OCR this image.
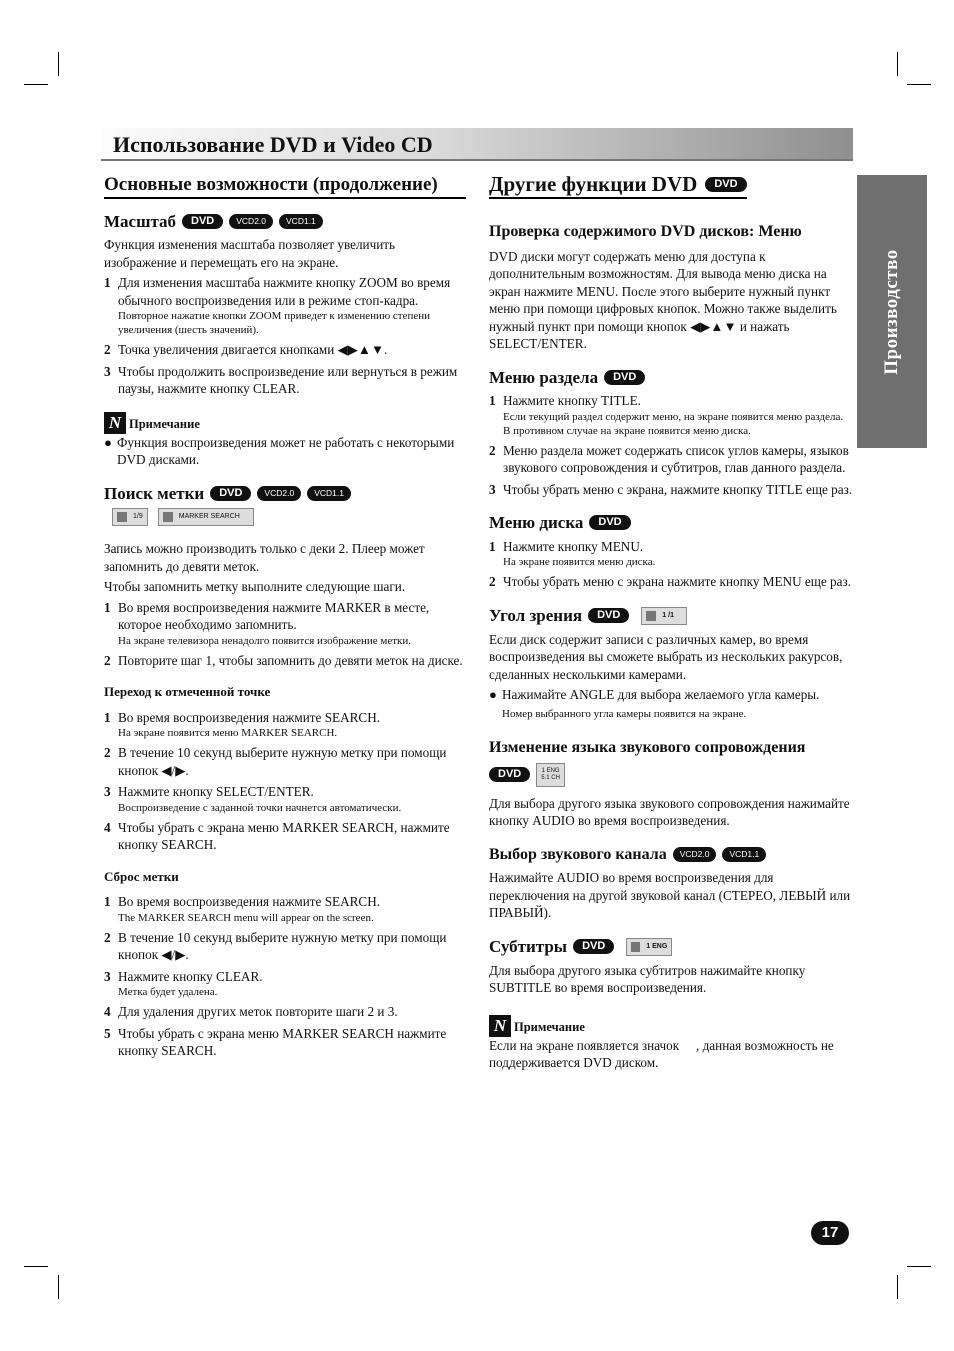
Использование DVD и Video CD
Производство
Основные возможности (продолжение)
Масштаб	DVD	VCD2.0	VCD1.1

Функция изменения масштаба позволяет увеличить изображение и перемещать его на экране.

1 Для изменения масштаба нажмите кнопку ZOOM во время обычного воспроизведения или в режиме стоп-кадра.
Повторное нажатие кнопки ZOOM приведет к изменению степени увеличения (шесть значений).
2 Точка увеличения двигается кнопками ◀▶▲▼.
3 Чтобы продолжить воспроизведение или вернуться в режим паузы, нажмите кнопку CLEAR.
N Примечание
● Функция воспроизведения может не работать с некоторыми DVD дисками.
Поиск метки	DVD	VCD2.0	VCD1.1
1/9	MARKER SEARCH

Запись можно производить только с деки 2. Плеер может запомнить до девяти меток.

Чтобы запомнить метку выполните следующие шаги.

1 Во время воспроизведения нажмите MARKER в месте, которое необходимо запомнить.
На экране телевизора ненадолго появится изображение метки.
2 Повторите шаг 1, чтобы запомнить до девяти меток на диске.
Переход к отмеченной точке
1 Во время воспроизведения нажмите SEARCH.
На экране появится меню MARKER SEARCH.
2 В течение 10 секунд выберите нужную метку при помощи кнопок ◀/▶.
3 Нажмите кнопку SELECT/ENTER.
Воспроизведение с заданной точки начнется автоматически.
4 Чтобы убрать с экрана меню MARKER SEARCH, нажмите кнопку SEARCH.
Сброс метки
1 Во время воспроизведения нажмите SEARCH.
The MARKER SEARCH menu will appear on the screen.
2 В течение 10 секунд выберите нужную метку при помощи кнопок ◀/▶.
3 Нажмите кнопку CLEAR.
Метка будет удалена.
4 Для удаления других меток повторите шаги 2 и 3.
5 Чтобы убрать с экрана меню MARKER SEARCH нажмите кнопку SEARCH.
Другие функции DVD	DVD
Проверка содержимого DVD дисков: Меню

DVD диски могут содержать меню для доступа к дополнительным возможностям. Для вывода меню диска на экран нажмите MENU. После этого выберите нужный пункт меню при помощи цифровых кнопок. Можно также выделить нужный пункт при помощи кнопок ◀▶▲▼ и нажать SELECT/ENTER.

Меню раздела	DVD
1 Нажмите кнопку TITLE.
Если текущий раздел содержит меню, на экране появится меню раздела. В противном случае на экране появится меню диска.
2 Меню раздела может содержать список углов камеры, языков звукового сопровождения и субтитров, глав данного раздела.
3 Чтобы убрать меню с экрана, нажмите кнопку TITLE еще раз.
Меню диска	DVD
1 Нажмите кнопку MENU.
На экране появится меню диска.
2 Чтобы убрать меню с экрана нажмите кнопку MENU еще раз.
Угол зрения	DVD	1 /1

Если диск содержит записи с различных камер, во время воспроизведения вы сможете выбрать из нескольких ракурсов, сделанных несколькими камерами.

● Нажимайте ANGLE для выбора желаемого угла камеры.
Номер выбранного угла камеры появится на экране.
Изменение языка звукового сопровождения
DVD	1 ENG
5.1 CH

Для выбора другого языка звукового сопровождения нажимайте кнопку AUDIO во время воспроизведения.

Выбор звукового канала	VCD2.0	VCD1.1

Нажимайте AUDIO во время воспроизведения для переключения на другой звуковой канал (СТЕРЕО, ЛЕВЫЙ или ПРАВЫЙ).

Субтитры	DVD	1 ENG

Для выбора другого языка субтитров нажимайте кнопку SUBTITLE во время воспроизведения.

N Примечание

Если на экране появляется значок ⃠ , данная возможность не поддерживается DVD диском.

17
